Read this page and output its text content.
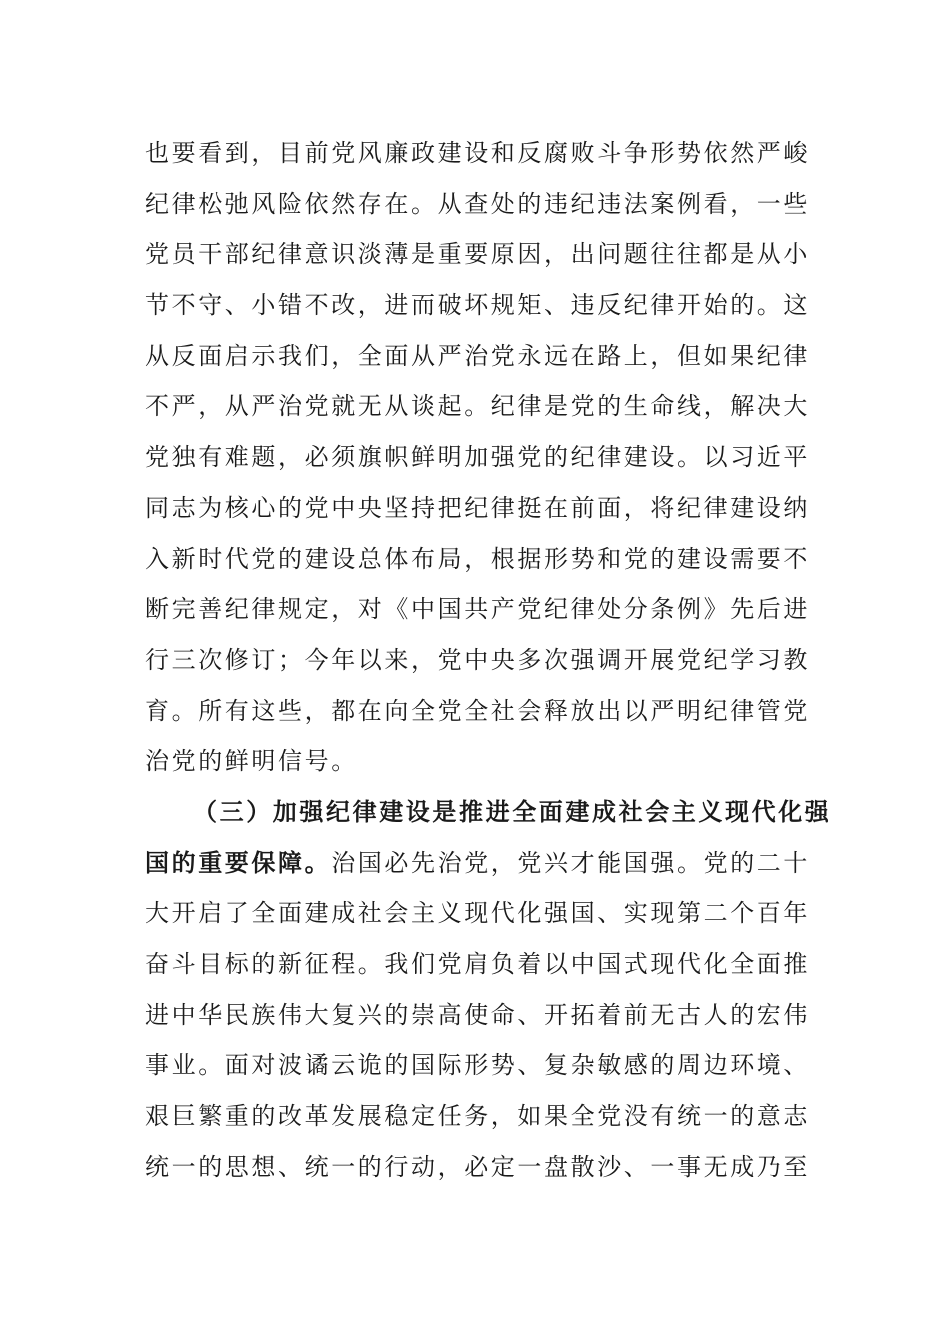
也要看到，目前党风廉政建设和反腐败斗争形势依然严峻
纪律松弛风险依然存在。从查处的违纪违法案例看，一些
党员干部纪律意识淡薄是重要原因，出问题往往都是从小
节不守、小错不改，进而破坏规矩、违反纪律开始的。这
从反面启示我们，全面从严治党永远在路上，但如果纪律
不严，从严治党就无从谈起。纪律是党的生命线，解决大
党独有难题，必须旗帜鲜明加强党的纪律建设。以习近平
同志为核心的党中央坚持把纪律挺在前面，将纪律建设纳
入新时代党的建设总体布局，根据形势和党的建设需要不
断完善纪律规定，对《中国共产党纪律处分条例》先后进
行三次修订；今年以来，党中央多次强调开展党纪学习教
育。所有这些，都在向全党全社会释放出以严明纪律管党
治党的鲜明信号。
（三）加强纪律建设是推进全面建成社会主义现代化强
国的重要保障。治国必先治党，党兴才能国强。党的二十
大开启了全面建成社会主义现代化强国、实现第二个百年
奋斗目标的新征程。我们党肩负着以中国式现代化全面推
进中华民族伟大复兴的崇高使命、开拓着前无古人的宏伟
事业。面对波谲云诡的国际形势、复杂敏感的周边环境、
艰巨繁重的改革发展稳定任务，如果全党没有统一的意志
统一的思想、统一的行动，必定一盘散沙、一事无成乃至
